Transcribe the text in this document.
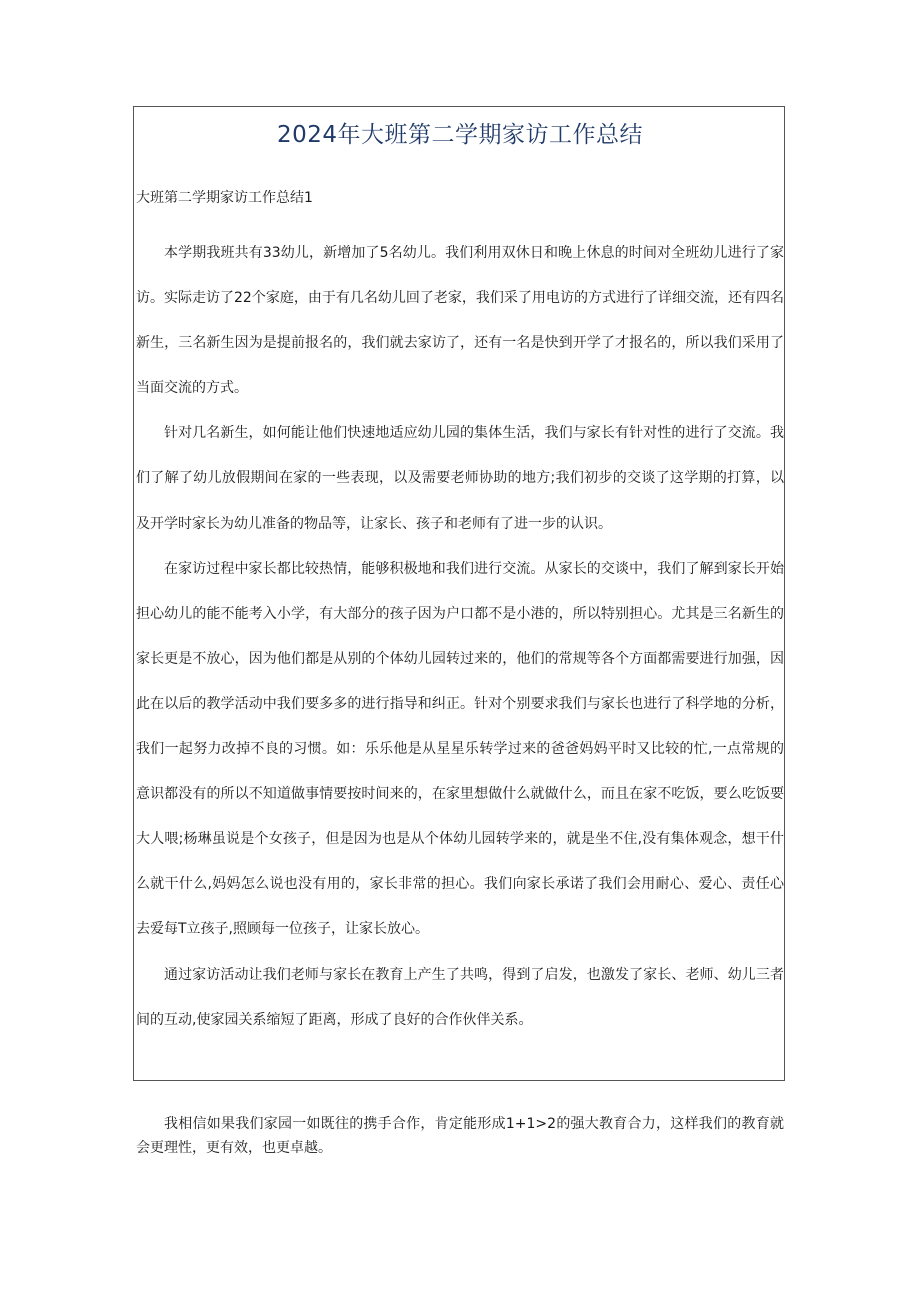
2024年大班第二学期家访工作总结
大班第二学期家访工作总结1

本学期我班共有33幼儿，新增加了5名幼儿。我们利用双休日和晚上休息的时间对全班幼儿进行了家访。实际走访了22个家庭，由于有几名幼儿回了老家，我们采了用电访的方式进行了详细交流，还有四名新生，三名新生因为是提前报名的，我们就去家访了，还有一名是快到开学了才报名的，所以我们采用了当面交流的方式。

针对几名新生，如何能让他们快速地适应幼儿园的集体生活，我们与家长有针对性的进行了交流。我们了解了幼儿放假期间在家的一些表现，以及需要老师协助的地方;我们初步的交谈了这学期的打算，以及开学时家长为幼儿准备的物品等，让家长、孩子和老师有了进一步的认识。

在家访过程中家长都比较热情，能够积极地和我们进行交流。从家长的交谈中，我们了解到家长开始担心幼儿的能不能考入小学，有大部分的孩子因为户口都不是小港的，所以特别担心。尤其是三名新生的家长更是不放心，因为他们都是从别的个体幼儿园转过来的，他们的常规等各个方面都需要进行加强，因此在以后的教学活动中我们要多多的进行指导和纠正。针对个别要求我们与家长也进行了科学地的分析，我们一起努力改掉不良的习惯。如：乐乐他是从星星乐转学过来的爸爸妈妈平时又比较的忙,一点常规的意识都没有的所以不知道做事情要按时间来的，在家里想做什么就做什么，而且在家不吃饭，要么吃饭要大人喂;杨琳虽说是个女孩子，但是因为也是从个体幼儿园转学来的，就是坐不住,没有集体观念，想干什么就干什么,妈妈怎么说也没有用的，家长非常的担心。我们向家长承诺了我们会用耐心、爱心、责任心去爱每T立孩子,照顾每一位孩子，让家长放心。

通过家访活动让我们老师与家长在教育上产生了共鸣，得到了启发，也激发了家长、老师、幼儿三者间的互动,使家园关系缩短了距离，形成了良好的合作伙伴关系。

我相信如果我们家园一如既往的携手合作，肯定能形成1+1>2的强大教育合力，这样我们的教育就会更理性，更有效，也更卓越。
